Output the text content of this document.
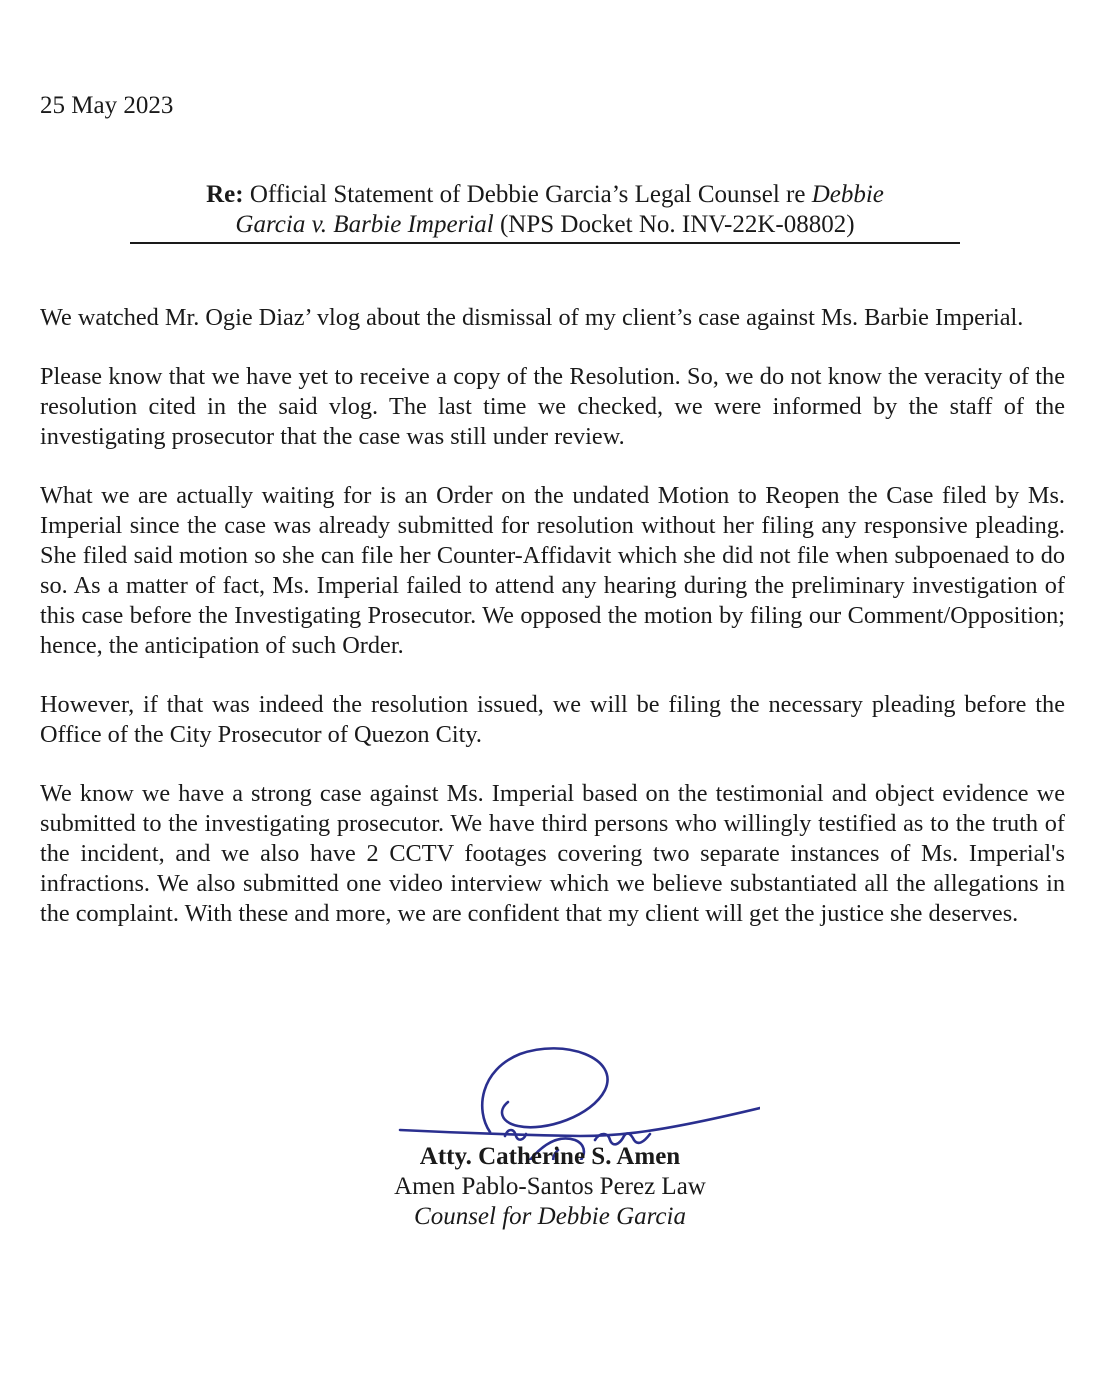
25 May 2023
Re: Official Statement of Debbie Garcia’s Legal Counsel re Debbie
Garcia v. Barbie Imperial (NPS Docket No. INV-22K-08802)

We watched Mr. Ogie Diaz’ vlog about the dismissal of my client’s case against Ms. Barbie Imperial.

Please know that we have yet to receive a copy of the Resolution. So, we do not know the veracity of the resolution cited in the said vlog. The last time we checked, we were informed by the staff of the investigating prosecutor that the case was still under review.

What we are actually waiting for is an Order on the undated Motion to Reopen the Case filed by Ms. Imperial since the case was already submitted for resolution without her filing any responsive pleading. She filed said motion so she can file her Counter-Affidavit which she did not file when subpoenaed to do so. As a matter of fact, Ms. Imperial failed to attend any hearing during the preliminary investigation of this case before the Investigating Prosecutor. We opposed the motion by filing our Comment/Opposition; hence, the anticipation of such Order.

However, if that was indeed the resolution issued, we will be filing the necessary pleading before the Office of the City Prosecutor of Quezon City.

We know we have a strong case against Ms. Imperial based on the testimonial and object evidence we submitted to the investigating prosecutor. We have third persons who willingly testified as to the truth of the incident, and we also have 2 CCTV footages covering two separate instances of Ms. Imperial's infractions. We also submitted one video interview which we believe substantiated all the allegations in the complaint. With these and more, we are confident that my client will get the justice she deserves.

Atty. Catherine S. Amen
Amen Pablo-Santos Perez Law
Counsel for Debbie Garcia
